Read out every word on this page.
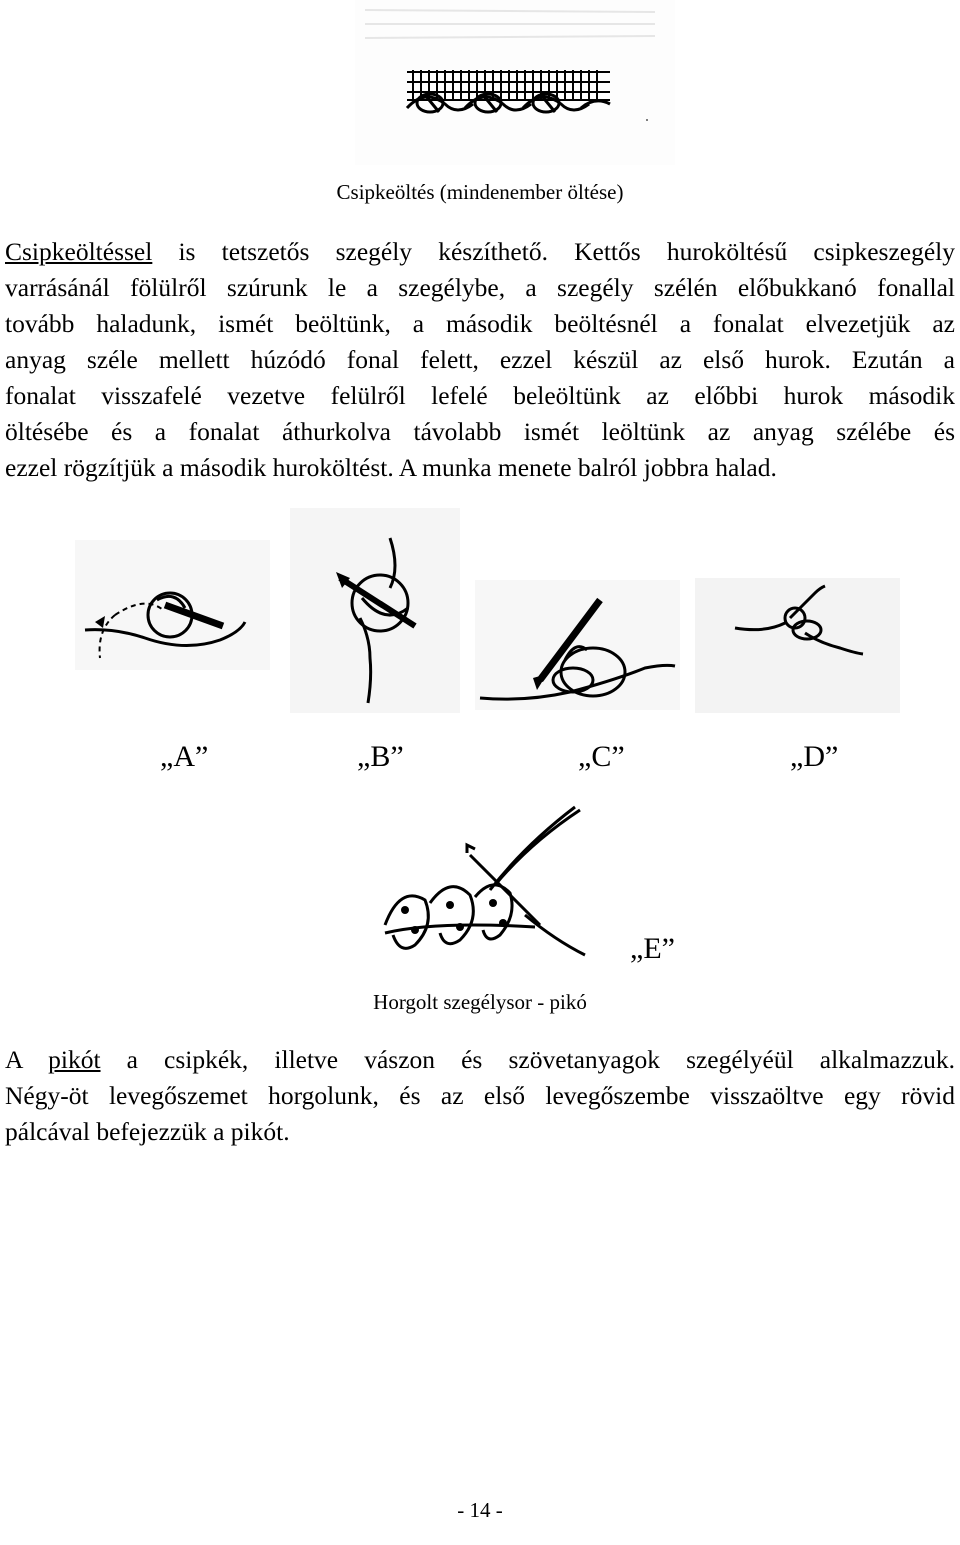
Csipkeöltés (mindenember öltése)
Csipkeöltéssel is tetszetős szegély készíthető. Kettős huroköltésű csipkeszegély
varrásánál fölülről szúrunk le a szegélybe, a szegély szélén előbukkanó fonallal
tovább haladunk, ismét beöltünk, a második beöltésnél a fonalat elvezetjük az
anyag széle mellett húzódó fonal felett, ezzel készül az első hurok. Ezután a
fonalat visszafelé vezetve felülről lefelé beleöltünk az előbbi hurok második
öltésébe és a fonalat áthurkolva távolabb ismét leöltünk az anyag szélébe és
ezzel rögzítjük a második huroköltést. A munka menete balról jobbra halad.
„A”	„B”	„C”	„D”
„E”
Horgolt szegélysor - pikó
A pikót a csipkék, illetve vászon és szövetanyagok szegélyéül alkalmazzuk.
Négy-öt levegőszemet horgolunk, és az első levegőszembe visszaöltve egy rövid
pálcával befejezzük a pikót.
- 14 -
